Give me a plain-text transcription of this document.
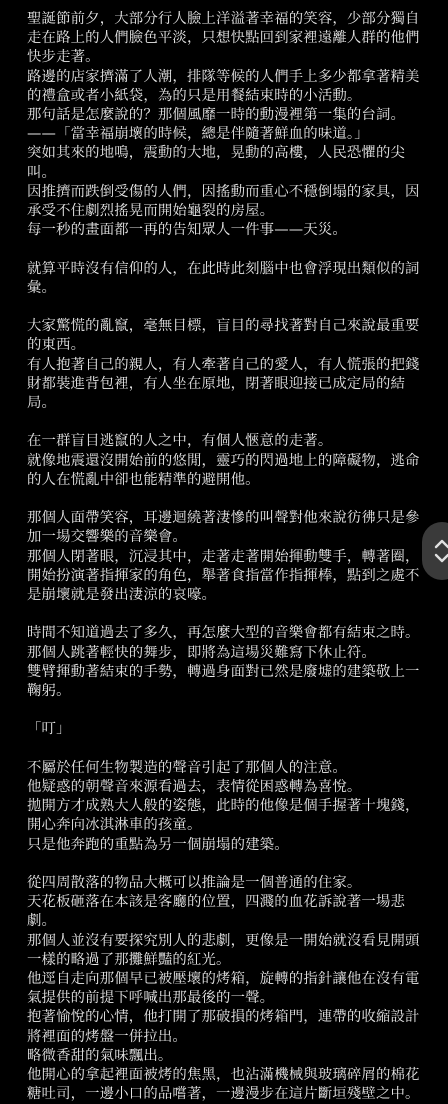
聖誕節前夕，大部分行人臉上洋溢著幸福的笑容，少部分獨自走在路上的人們臉色平淡，只想快點回到家裡遠離人群的他們快步走著。

路邊的店家擠滿了人潮，排隊等候的人們手上多少都拿著精美的禮盒或者小紙袋，為的只是用餐結束時的小活動。

那句話是怎麼說的？那個風靡一時的動漫裡第一集的台詞。

——「當幸福崩壞的時候，總是伴隨著鮮血的味道。」

突如其來的地鳴，震動的大地，晃動的高樓，人民恐懼的尖叫。

因推擠而跌倒受傷的人們，因搖動而重心不穩倒塌的家具，因承受不住劇烈搖晃而開始龜裂的房屋。

每一秒的畫面都一再的告知眾人一件事——天災。

就算平時沒有信仰的人，在此時此刻腦中也會浮現出類似的詞彙。

大家驚慌的亂竄，毫無目標，盲目的尋找著對自己來說最重要的東西。

有人抱著自己的親人，有人牽著自己的愛人，有人慌張的把錢財都裝進背包裡，有人坐在原地，閉著眼迎接已成定局的結局。

在一群盲目逃竄的人之中，有個人愜意的走著。

就像地震還沒開始前的悠閒，靈巧的閃過地上的障礙物，逃命的人在慌亂中卻也能精準的避開他。

那個人面帶笑容，耳邊迴繞著淒慘的叫聲對他來說彷彿只是參加一場交響樂的音樂會。

那個人閉著眼，沉浸其中，走著走著開始揮動雙手，轉著圈，開始扮演著指揮家的角色，舉著食指當作指揮棒，點到之處不是崩壞就是發出淒涼的哀嚎。

時間不知道過去了多久，再怎麼大型的音樂會都有結束之時。

那個人跳著輕快的舞步，即將為這場災難寫下休止符。

雙臂揮動著結束的手勢，轉過身面對已然是廢墟的建築敬上一鞠躬。

「叮」

不屬於任何生物製造的聲音引起了那個人的注意。

他疑惑的朝聲音來源看過去，表情從困惑轉為喜悅。

拋開方才成熟大人般的姿態，此時的他像是個手握著十塊錢，開心奔向冰淇淋車的孩童。

只是他奔跑的重點為另一個崩塌的建築。

從四周散落的物品大概可以推論是一個普通的住家。

天花板砸落在本該是客廳的位置，四濺的血花訴說著一場悲劇。

那個人並沒有要探究別人的悲劇，更像是一開始就沒看見開頭一樣的略過了那攤鮮豔的紅光。

他逕自走向那個早已被壓壞的烤箱，旋轉的指針讓他在沒有電氣提供的前提下呼喊出那最後的一聲。

抱著愉悅的心情，他打開了那破損的烤箱門，連帶的收縮設計將裡面的烤盤一併拉出。

略微香甜的氣味飄出。

他開心的拿起裡面被烤的焦黑，也沾滿機械與玻璃碎屑的棉花糖吐司，一邊小口的品嚐著，一邊漫步在這片斷垣殘壁之中。
